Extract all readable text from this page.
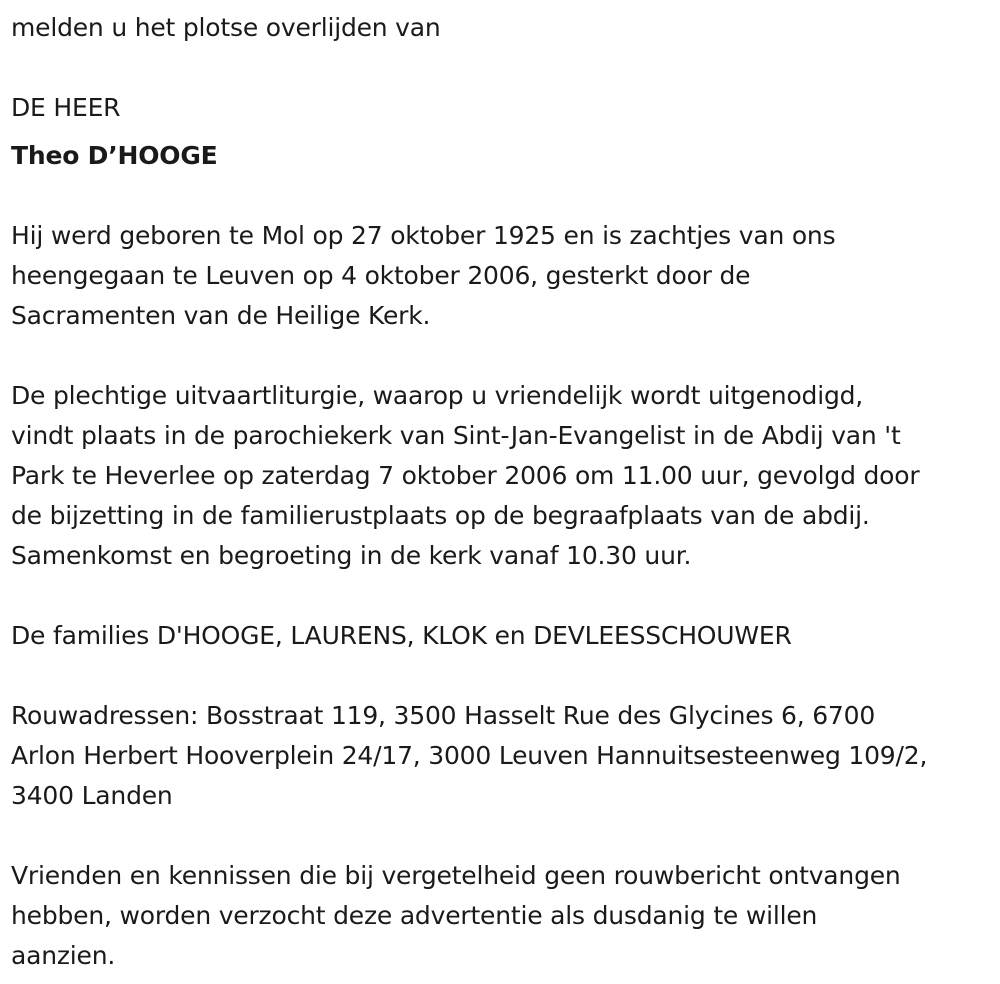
melden u het plotse overlijden van

DE HEER

Theo D’HOOGE

Hij werd geboren te Mol op 27 oktober 1925 en is zachtjes van ons
heengegaan te Leuven op 4 oktober 2006, gesterkt door de
Sacramenten van de Heilige Kerk.

De plechtige uitvaartliturgie, waarop u vriendelijk wordt uitgenodigd,
vindt plaats in de parochiekerk van Sint-Jan-Evangelist in de Abdij van 't
Park te Heverlee op zaterdag 7 oktober 2006 om 11.00 uur, gevolgd door
de bijzetting in de familierustplaats op de begraafplaats van de abdij.
Samenkomst en begroeting in de kerk vanaf 10.30 uur.

De families D'HOOGE, LAURENS, KLOK en DEVLEESSCHOUWER

Rouwadressen: Bosstraat 119, 3500 Hasselt Rue des Glycines 6, 6700
Arlon Herbert Hooverplein 24/17, 3000 Leuven Hannuitsesteenweg 109/2,
3400 Landen

Vrienden en kennissen die bij vergetelheid geen rouwbericht ontvangen
hebben, worden verzocht deze advertentie als dusdanig te willen
aanzien.
